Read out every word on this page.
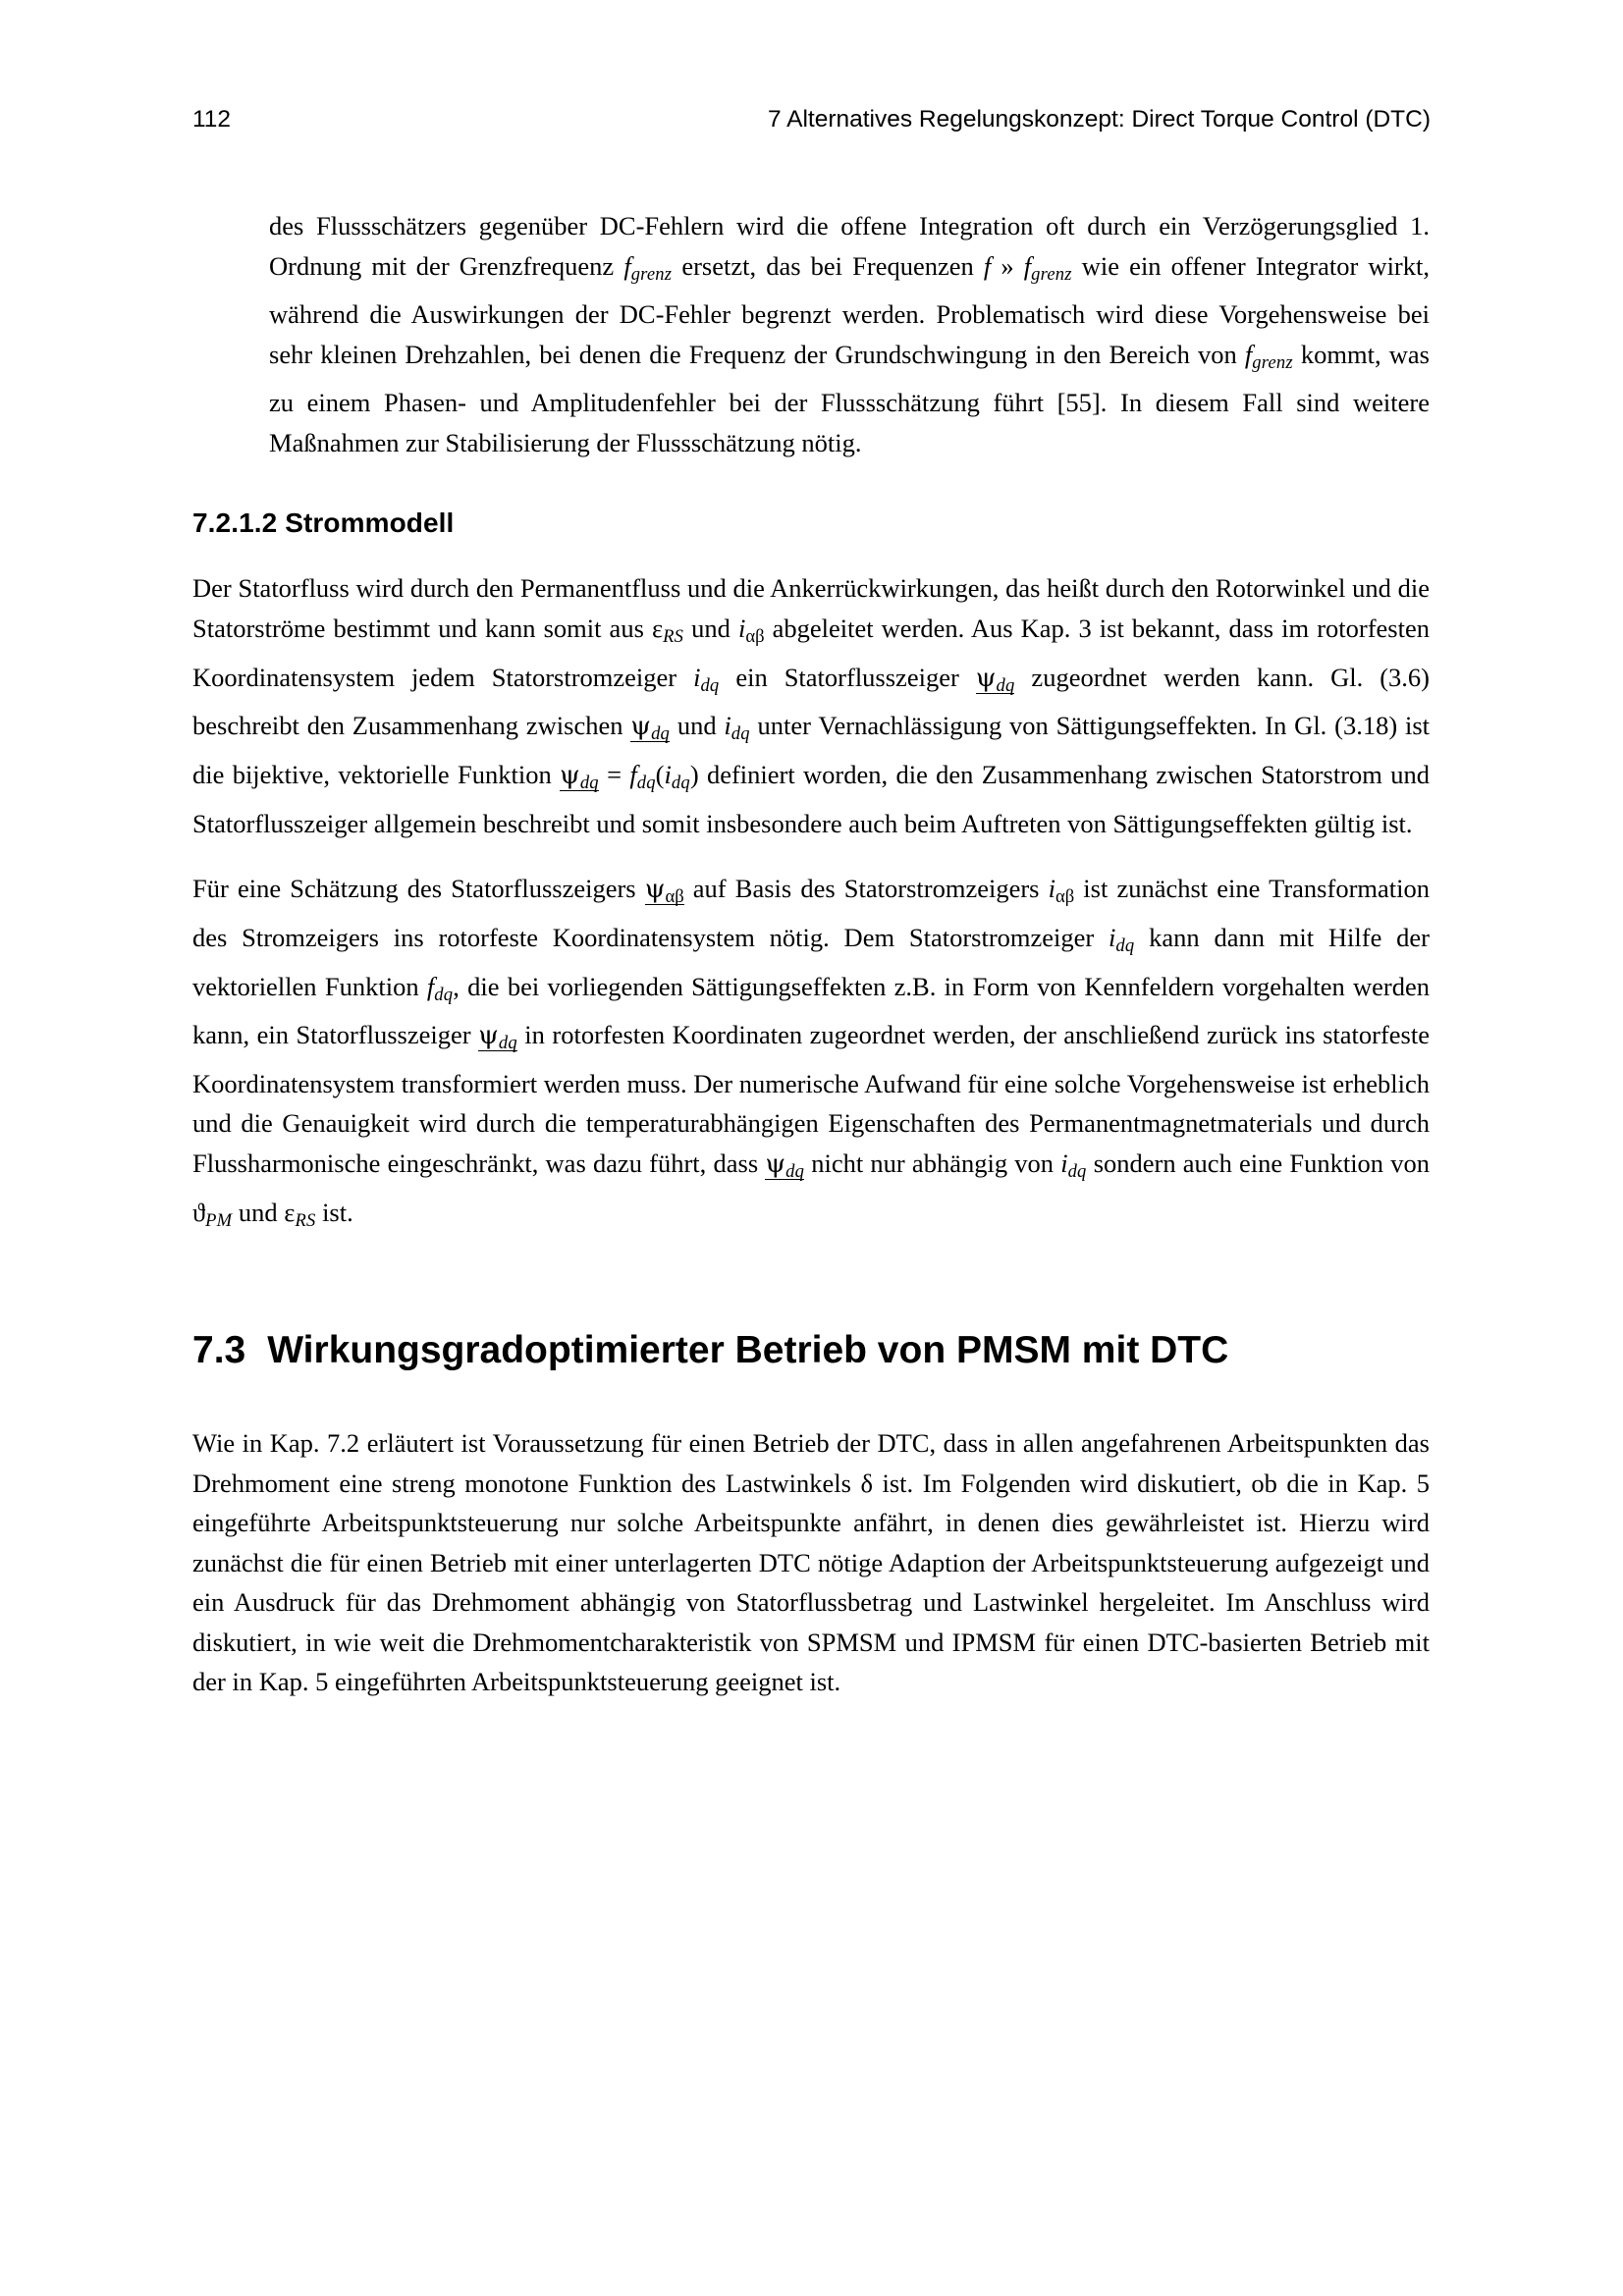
112	7 Alternatives Regelungskonzept: Direct Torque Control (DTC)

des Flussschätzers gegenüber DC-Fehlern wird die offene Integration oft durch ein Verzögerungsglied 1. Ordnung mit der Grenzfrequenz $f_{grenz}$ ersetzt, das bei Frequenzen f » $f_{grenz}$ wie ein offener Integrator wirkt, während die Auswirkungen der DC-Fehler begrenzt werden. Problematisch wird diese Vorgehensweise bei sehr kleinen Drehzahlen, bei denen die Frequenz der Grundschwingung in den Bereich von $f_{grenz}$ kommt, was zu einem Phasen- und Amplitudenfehler bei der Flussschätzung führt [55]. In diesem Fall sind weitere Maßnahmen zur Stabilisierung der Flussschätzung nötig.

7.2.1.2 Strommodell

Der Statorfluss wird durch den Permanentfluss und die Ankerrückwirkungen, das heißt durch den Rotorwinkel und die Statorströme bestimmt und kann somit aus $\varepsilon_{RS}$ und iαβ abgeleitet werden. Aus Kap. 3 ist bekannt, dass im rotorfesten Koordinatensystem jedem Statorstromzeiger $i_{dq}$ ein Statorflusszeiger $\psi_{dq}$ zugeordnet werden kann. Gl. (3.6) beschreibt den Zusammenhang zwischen $\psi_{dq}$ und $i_{dq}$ unter Vernachlässigung von Sättigungseffekten. In Gl. (3.18) ist die bijektive, vektorielle Funktion $\psi_{dq} = f_{dq}(i_{dq})$ definiert worden, die den Zusammenhang zwischen Statorstrom und Statorflusszeiger allgemein beschreibt und somit insbesondere auch beim Auftreten von Sättigungseffekten gültig ist.

Für eine Schätzung des Statorflusszeigers ψαβ auf Basis des Statorstromzeigers iαβ ist zunächst eine Transformation des Stromzeigers ins rotorfeste Koordinatensystem nötig. Dem Statorstromzeiger $i_{dq}$ kann dann mit Hilfe der vektoriellen Funktion $f_{dq}$, die bei vorliegenden Sättigungseffekten z.B. in Form von Kennfeldern vorgehalten werden kann, ein Statorflusszeiger $\psi_{dq}$ in rotorfesten Koordinaten zugeordnet werden, der anschließend zurück ins statorfeste Koordinatensystem transformiert werden muss. Der numerische Aufwand für eine solche Vorgehensweise ist erheblich und die Genauigkeit wird durch die temperaturabhängigen Eigenschaften des Permanentmagnetmaterials und durch Flussharmonische eingeschränkt, was dazu führt, dass $\psi_{dq}$ nicht nur abhängig von $i_{dq}$ sondern auch eine Funktion von $ϑ_{PM}$ und $\varepsilon_{RS}$ ist.

7.3 Wirkungsgradoptimierter Betrieb von PMSM mit DTC

Wie in Kap. 7.2 erläutert ist Voraussetzung für einen Betrieb der DTC, dass in allen angefahrenen Arbeitspunkten das Drehmoment eine streng monotone Funktion des Lastwinkels δ ist. Im Folgenden wird diskutiert, ob die in Kap. 5 eingeführte Arbeitspunktsteuerung nur solche Arbeitspunkte anfährt, in denen dies gewährleistet ist. Hierzu wird zunächst die für einen Betrieb mit einer unterlagerten DTC nötige Adaption der Arbeitspunktsteuerung aufgezeigt und ein Ausdruck für das Drehmoment abhängig von Statorflussbetrag und Lastwinkel hergeleitet. Im Anschluss wird diskutiert, in wie weit die Drehmomentcharakteristik von SPMSM und IPMSM für einen DTC-basierten Betrieb mit der in Kap. 5 eingeführten Arbeitspunktsteuerung geeignet ist.
